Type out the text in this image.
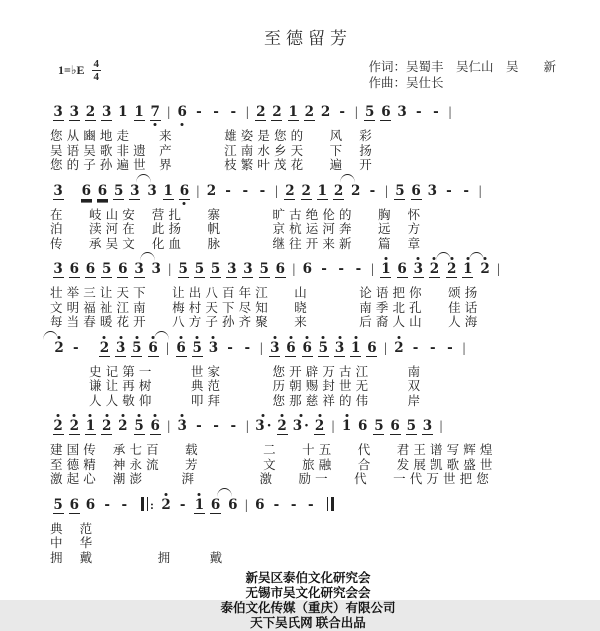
至德留芳
1=♭E $\frac{4}{4}$	作词：吴蜀丰　吴仁山　吴　　新
作曲：吴仕长
3 3 2 3 1 1 7 | 6 - - - | 2 2 1 2 2 - | 5 6 3 - - |
您 从 豳 地 走　　 来　　　　雄 姿 是 您 的　　风　 彩
吴 语 吴 歌 非 遗　产　　　　江 南 水 乡 天　　下　 扬
您 的 子 孙 遍 世　界　　　　枝 繁 叶 茂 花　　遍　 开
3 6 6 5 3 3 1 6 | 2 - - - | 2 2 1 2 2 - | 5 6 3 - - |
在　　岐 山 安　 营 扎　　寨　　　　旷 古 绝 伦 的　　胸　 怀
泊　　渎 河 在　 此 扬　　帆　　　　京 杭 运 河 奔　　远　 方
传　　承 吴 文　 化 血　　脉　　　　继 往 开 来 新　　篇　 章
3 6 6 5 6 3 3 | 5 5 5 3 3 5 6 | 6 - - - | 1 6 3 2 2 1 2 |
壮 举 三 让 天 下　　让 出 八 百 年 江　　山　　　　论 语 把 你　　颂 扬
文 明 福 祉 江 南　　梅 村 天 下 尽 知　　晓　　　　南 季 北 孔　　佳 话
每 当 春 暖 花 开　　八 方 子 孙 齐 聚　　来　　　　后 裔 人 山　　人 海
2 - 2 3 5 6 | 6 5 3 - - | 3 6 6 5 3 1 6 | 2 - - - |
　　　史 记 第 一　　　世 家　　　　您 开 辟 万 古 江　　　南
　　　谦 让 再 树　　　典 范　　　　历 朝 赐 封 世 无　　　双
　　　人 人 敬 仰　　　叩 拜　　　　您 那 慈 祥 的 伟　　　岸
2 2 1 2 2 5 6 | 3 - - - | 3 · 2 3 · 2 | 1 6 5 6 5 3 |
建 国 传　 承 七 百　　载　　　　　二　　十 五　　代　　君 王 谱 写 辉 煌
至 德 精　 神 永 流　　芳　　　　　文　　旅 融　　合　　发 展 凯 歌 盛 世
激 起 心　 潮 澎　　　湃　　　　　激　　励 一　　代　　一 代 万 世 把 您
5 6 6 - - : 2 - 1 6 6 | 6 - - -
典　 范
中　 华
拥　 戴　　　　　拥　　　戴
新吴区泰伯文化研究会
无锡市吴文化研究会会
泰伯文化传媒（重庆）有限公司
天下吴氏网 联合出品
